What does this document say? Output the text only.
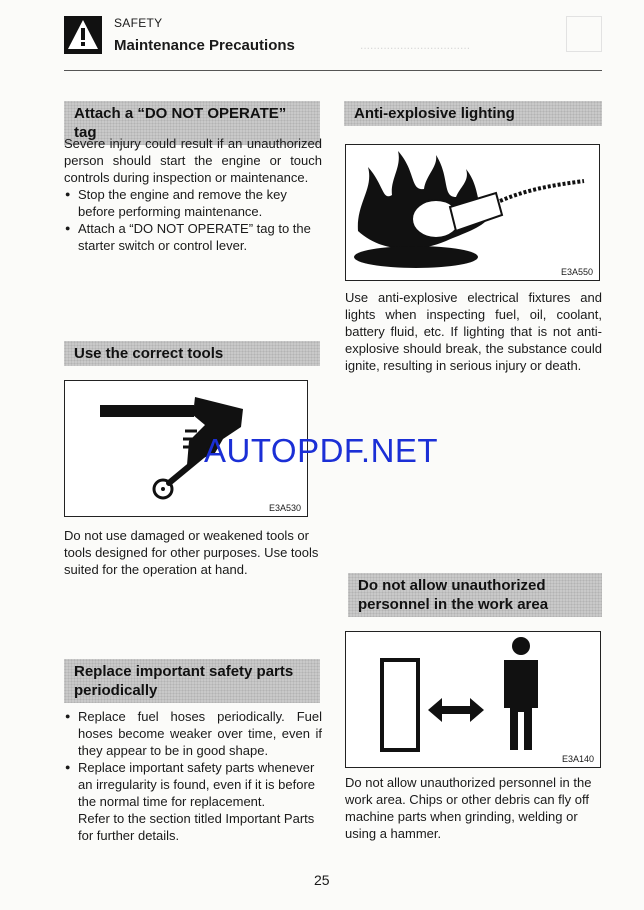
SAFETY
Maintenance Precautions	.................................
Attach a “DO NOT OPERATE” tag
Severe injury could result if an unauthorized person should start the engine or touch controls during inspection or maintenance.
● Stop the engine and remove the key before performing maintenance.
● Attach a “DO NOT OPERATE” tag to the starter switch or control lever.
Use the correct tools
E3A530
Do not use damaged or weakened tools or tools designed for other purposes. Use tools suited for the operation at hand.
Replace important safety parts periodically
● Replace fuel hoses periodically. Fuel hoses become weaker over time, even if they appear to be in good shape.
● Replace important safety parts whenever an irregularity is found, even if it is before the normal time for replacement.
Refer to the section titled Important Parts for further details.
Anti-explosive lighting
E3A550
Use anti-explosive electrical fixtures and lights when inspecting fuel, oil, coolant, battery fluid, etc. If lighting that is not anti-explosive should break, the substance could ignite, resulting in serious injury or death.
Do not allow unauthorized personnel in the work area
E3A140
Do not allow unauthorized personnel in the work area. Chips or other debris can fly off machine parts when grinding, welding or using a hammer.
AUTOPDF.NET
25
